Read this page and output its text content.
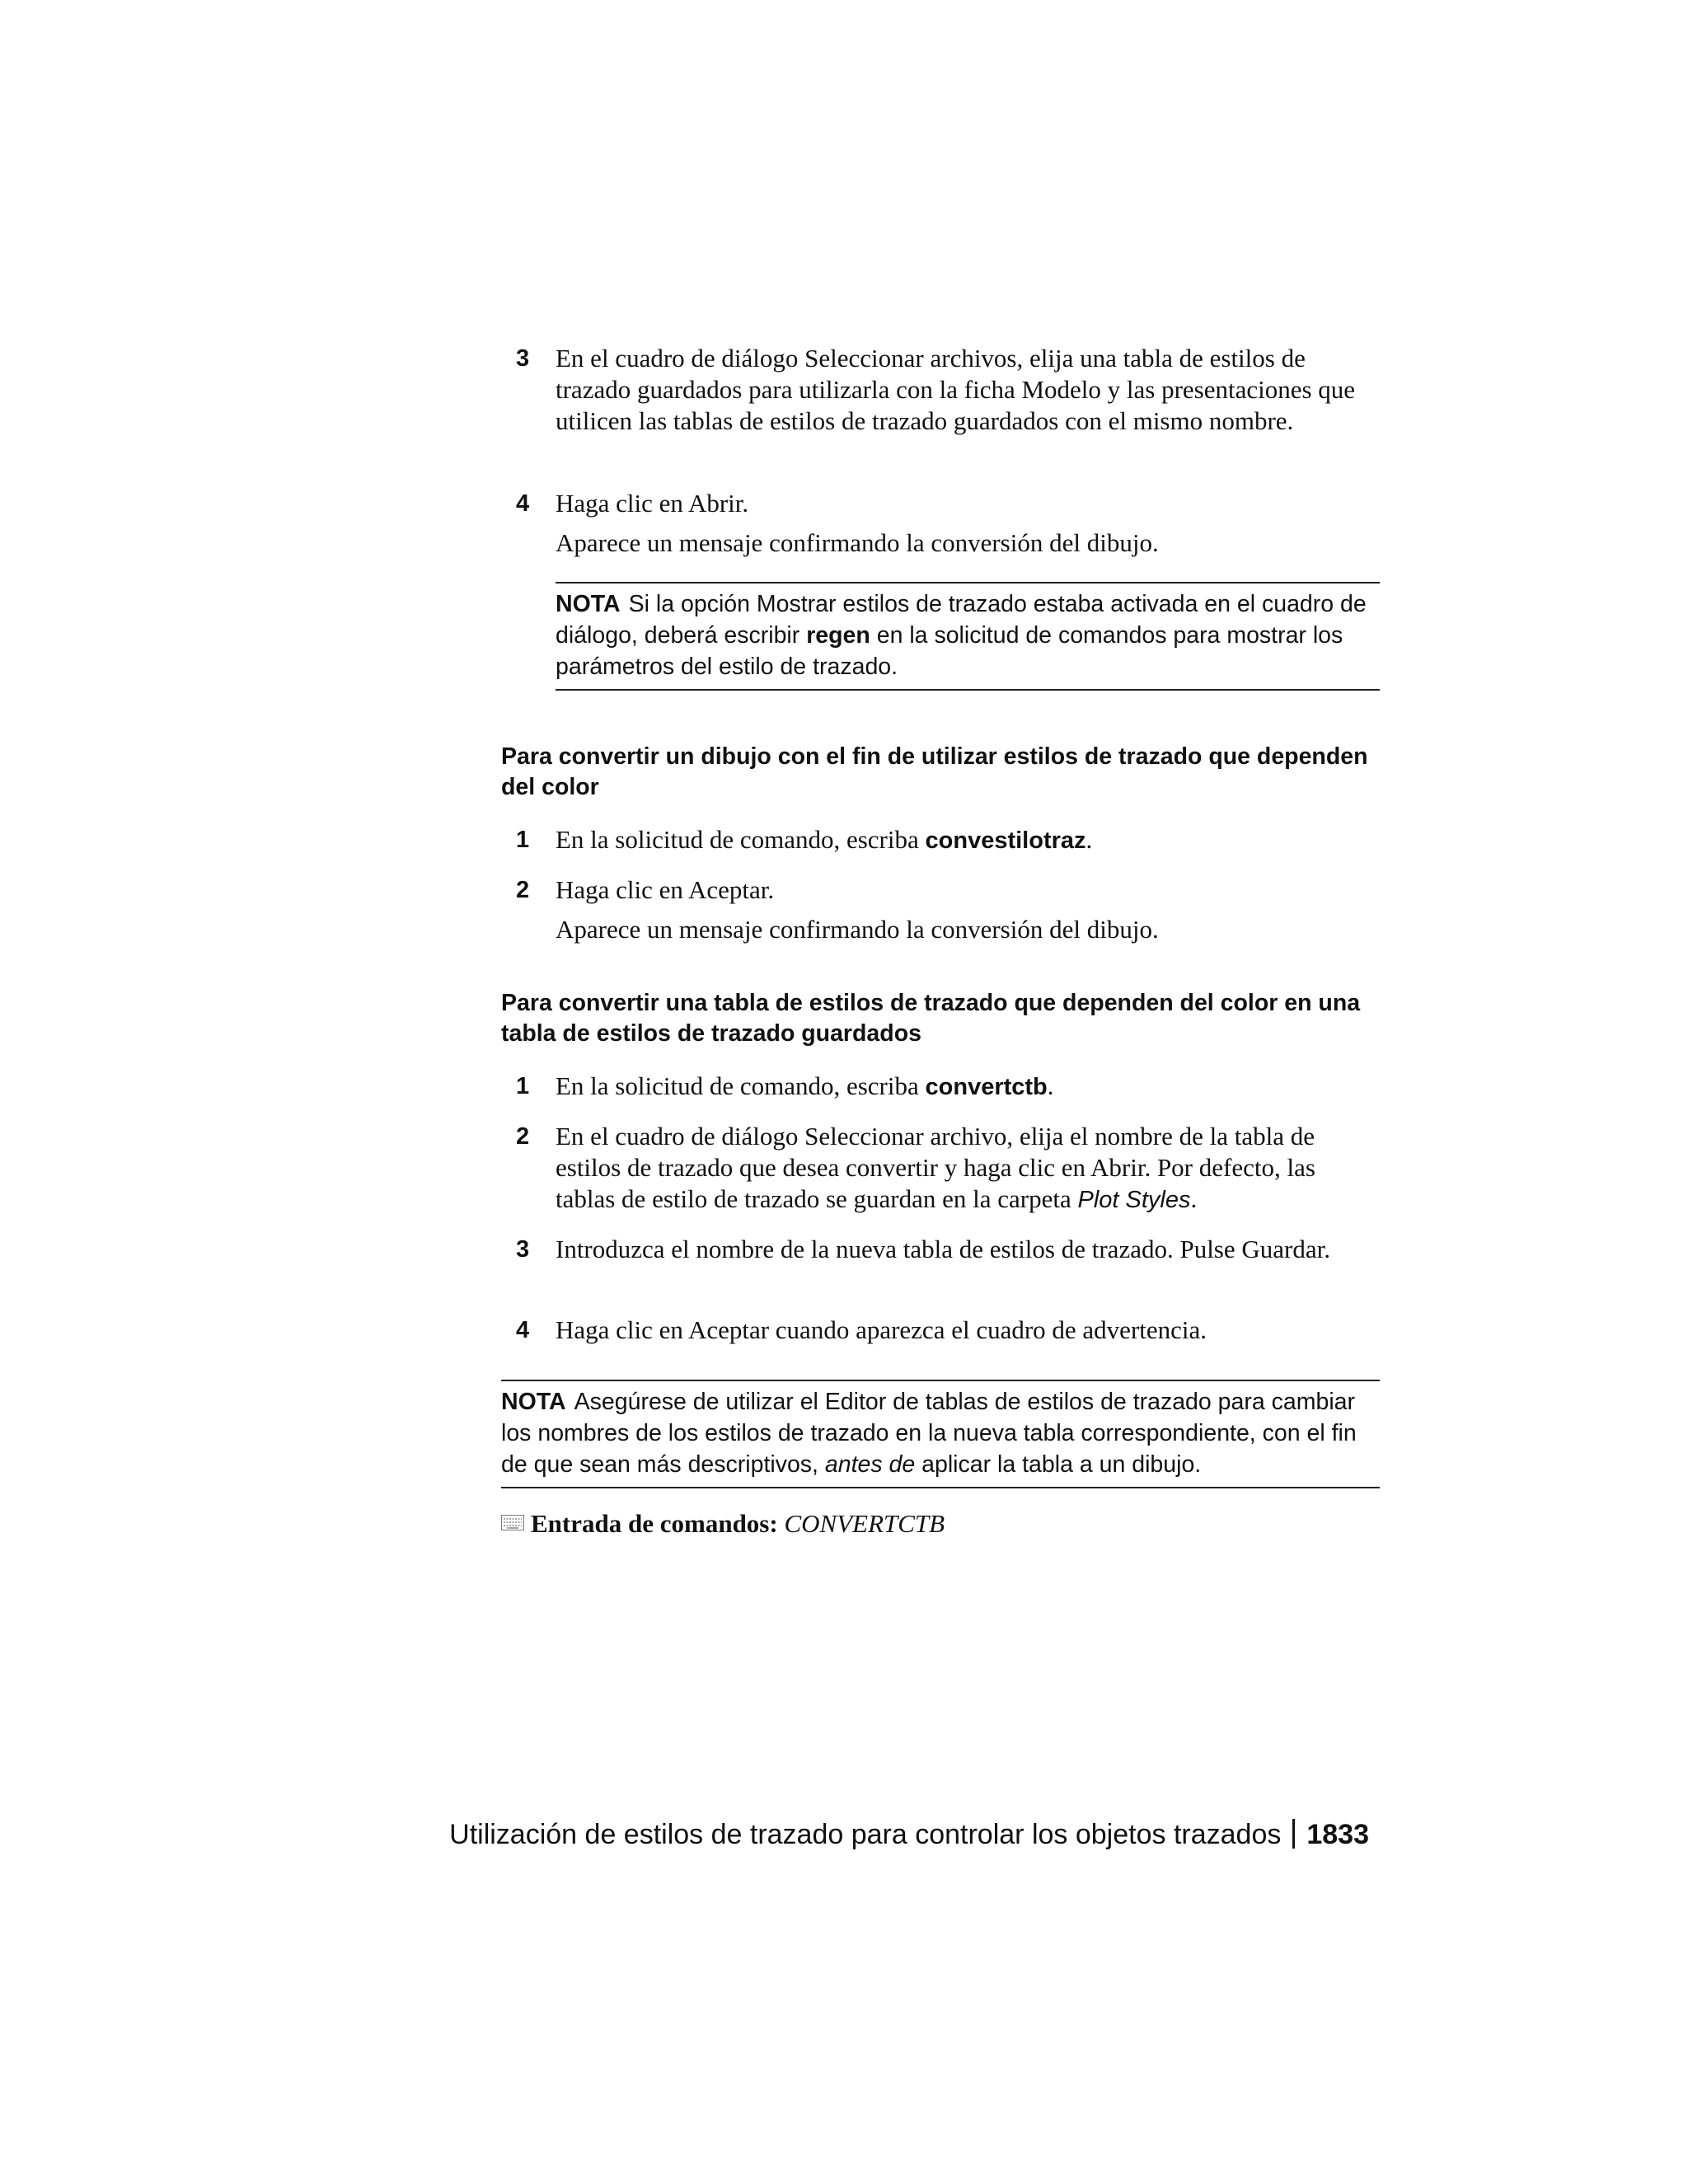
3 En el cuadro de diálogo Seleccionar archivos, elija una tabla de estilos de trazado guardados para utilizarla con la ficha Modelo y las presentaciones que utilicen las tablas de estilos de trazado guardados con el mismo nombre.
4 Haga clic en Abrir.
Aparece un mensaje confirmando la conversión del dibujo.
NOTA Si la opción Mostrar estilos de trazado estaba activada en el cuadro de diálogo, deberá escribir regen en la solicitud de comandos para mostrar los parámetros del estilo de trazado.
Para convertir un dibujo con el fin de utilizar estilos de trazado que dependen del color
1 En la solicitud de comando, escriba convestilotraz.
2 Haga clic en Aceptar.
Aparece un mensaje confirmando la conversión del dibujo.
Para convertir una tabla de estilos de trazado que dependen del color en una tabla de estilos de trazado guardados
1 En la solicitud de comando, escriba convertctb.
2 En el cuadro de diálogo Seleccionar archivo, elija el nombre de la tabla de estilos de trazado que desea convertir y haga clic en Abrir. Por defecto, las tablas de estilo de trazado se guardan en la carpeta Plot Styles.
3 Introduzca el nombre de la nueva tabla de estilos de trazado. Pulse Guardar.
4 Haga clic en Aceptar cuando aparezca el cuadro de advertencia.
NOTA Asegúrese de utilizar el Editor de tablas de estilos de trazado para cambiar los nombres de los estilos de trazado en la nueva tabla correspondiente, con el fin de que sean más descriptivos, antes de aplicar la tabla a un dibujo.
Entrada de comandos: CONVERTCTB
Utilización de estilos de trazado para controlar los objetos trazados 1833
